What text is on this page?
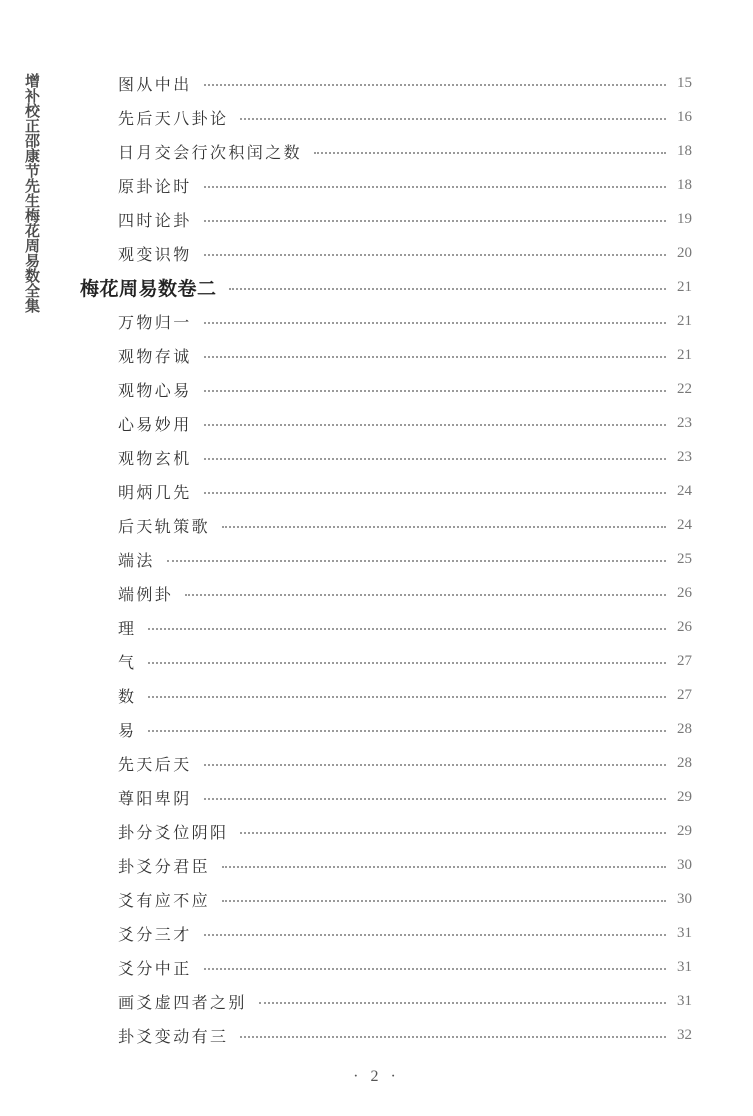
增补校正邵康节先生梅花周易数全集	图从中出	15
先后天八卦论	16
日月交会行次积闰之数	18
原卦论时	18
四时论卦	19
观变识物	20
梅花周易数卷二	21
万物归一	21
观物存诚	21
观物心易	22
心易妙用	23
观物玄机	23
明炳几先	24
后天轨策歌	24
端法	25
端例卦	26
理	26
气	27
数	27
易	28
先天后天	28
尊阳卑阴	29
卦分爻位阴阳	29
卦爻分君臣	30
爻有应不应	30
爻分三才	31
爻分中正	31
画爻虚四者之别	31
卦爻变动有三	32
· 2 ·
